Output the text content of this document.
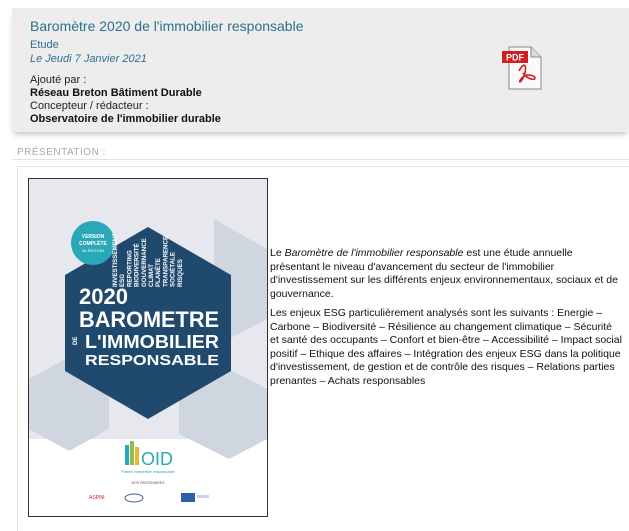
Baromètre 2020 de l'immobilier responsable
Etude
Le Jeudi 7 Janvier 2021
Ajouté par :
Réseau Breton Bâtiment Durable
Concepteur / rédacteur :
Observatoire de l'immobilier durable
PDF
PRÉSENTATION :
VERSION
COMPLÈTE
3e ÉDITION INVESTISSEMENT ESG REPORTING BIODIVERSITÉ GOUVERNANCE CLIMAT PLANÈTE TRANSPARENCE SOCIÉTALE RISQUES
2020
BAROMETRE
DE L'IMMOBILIER
RESPONSABLE
OID
Planet immobilier responsable
NOS PARTENAIRES
ASPIM

Le Baromètre de l'immobilier responsable est une étude annuelle présentant le niveau d'avancement du secteur de l'immobilier d'investissement sur les différents enjeux environnementaux, sociaux et de gouvernance.

Les enjeux ESG particulièrement analysés sont les suivants : Energie – Carbone – Biodiversité – Résilience au changement climatique – Sécurité et santé des occupants – Confort et bien-être – Accessibilité – Impact social positif – Ethique des affaires – Intégration des enjeux ESG dans la politique d'investissement, de gestion et de contrôle des risques – Relations parties prenantes – Achats responsables
